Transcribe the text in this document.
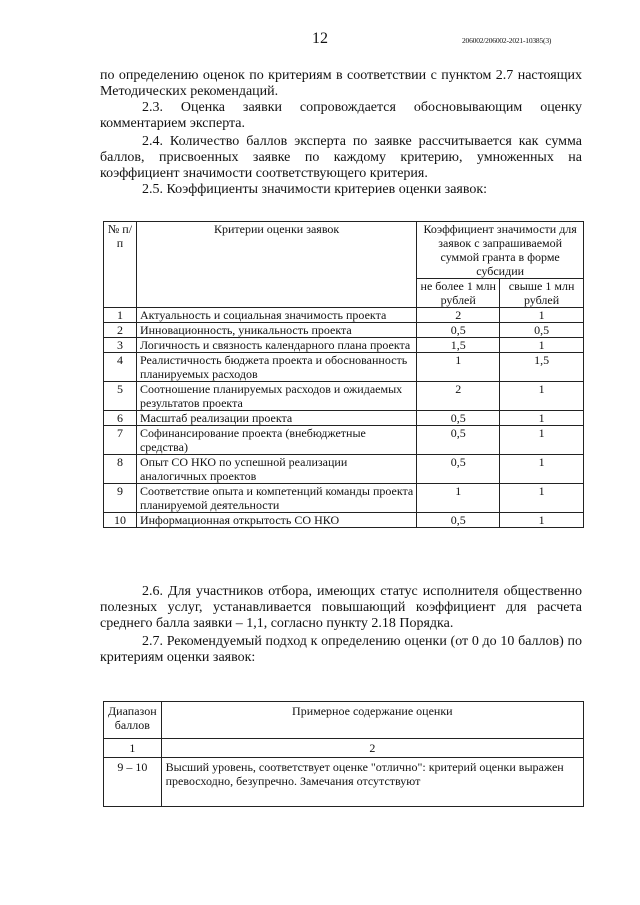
12	206002/206002-2021-10385(3)

по определению оценок по критериям в соответствии с пунктом 2.7 настоящих Методических рекомендаций.

2.3. Оценка заявки сопровождается обосновывающим оценку комментарием эксперта.

2.4. Количество баллов эксперта по заявке рассчитывается как сумма баллов, присвоенных заявке по каждому критерию, умноженных на коэффициент значимости соответствующего критерия.

2.5. Коэффициенты значимости критериев оценки заявок:

№ п/п	Критерии оценки заявок	Коэффициент значимости для заявок с запрашиваемой суммой гранта в форме субсидии	
		не более 1 млн рублей	свыше 1 млн рублей
1	Актуальность и социальная значимость проекта	2	1
2	Инновационность, уникальность проекта	0,5	0,5
3	Логичность и связность календарного плана проекта	1,5	1
4	Реалистичность бюджета проекта и обоснованность планируемых расходов	1	1,5
5	Соотношение планируемых расходов и ожидаемых результатов проекта	2	1
6	Масштаб реализации проекта	0,5	1
7	Софинансирование проекта (внебюджетные средства)	0,5	1
8	Опыт СО НКО по успешной реализации аналогичных проектов	0,5	1
9	Соответствие опыта и компетенций команды проекта планируемой деятельности	1	1
10	Информационная открытость СО НКО	0,5	1

2.6. Для участников отбора, имеющих статус исполнителя общественно полезных услуг, устанавливается повышающий коэффициент для расчета среднего балла заявки – 1,1, согласно пункту 2.18 Порядка.

2.7. Рекомендуемый подход к определению оценки (от 0 до 10 баллов) по критериям оценки заявок:

Диапазон баллов	Примерное содержание оценки
1	2
9 – 10	Высший уровень, соответствует оценке "отлично": критерий оценки выражен превосходно, безупречно. Замечания отсутствуют
